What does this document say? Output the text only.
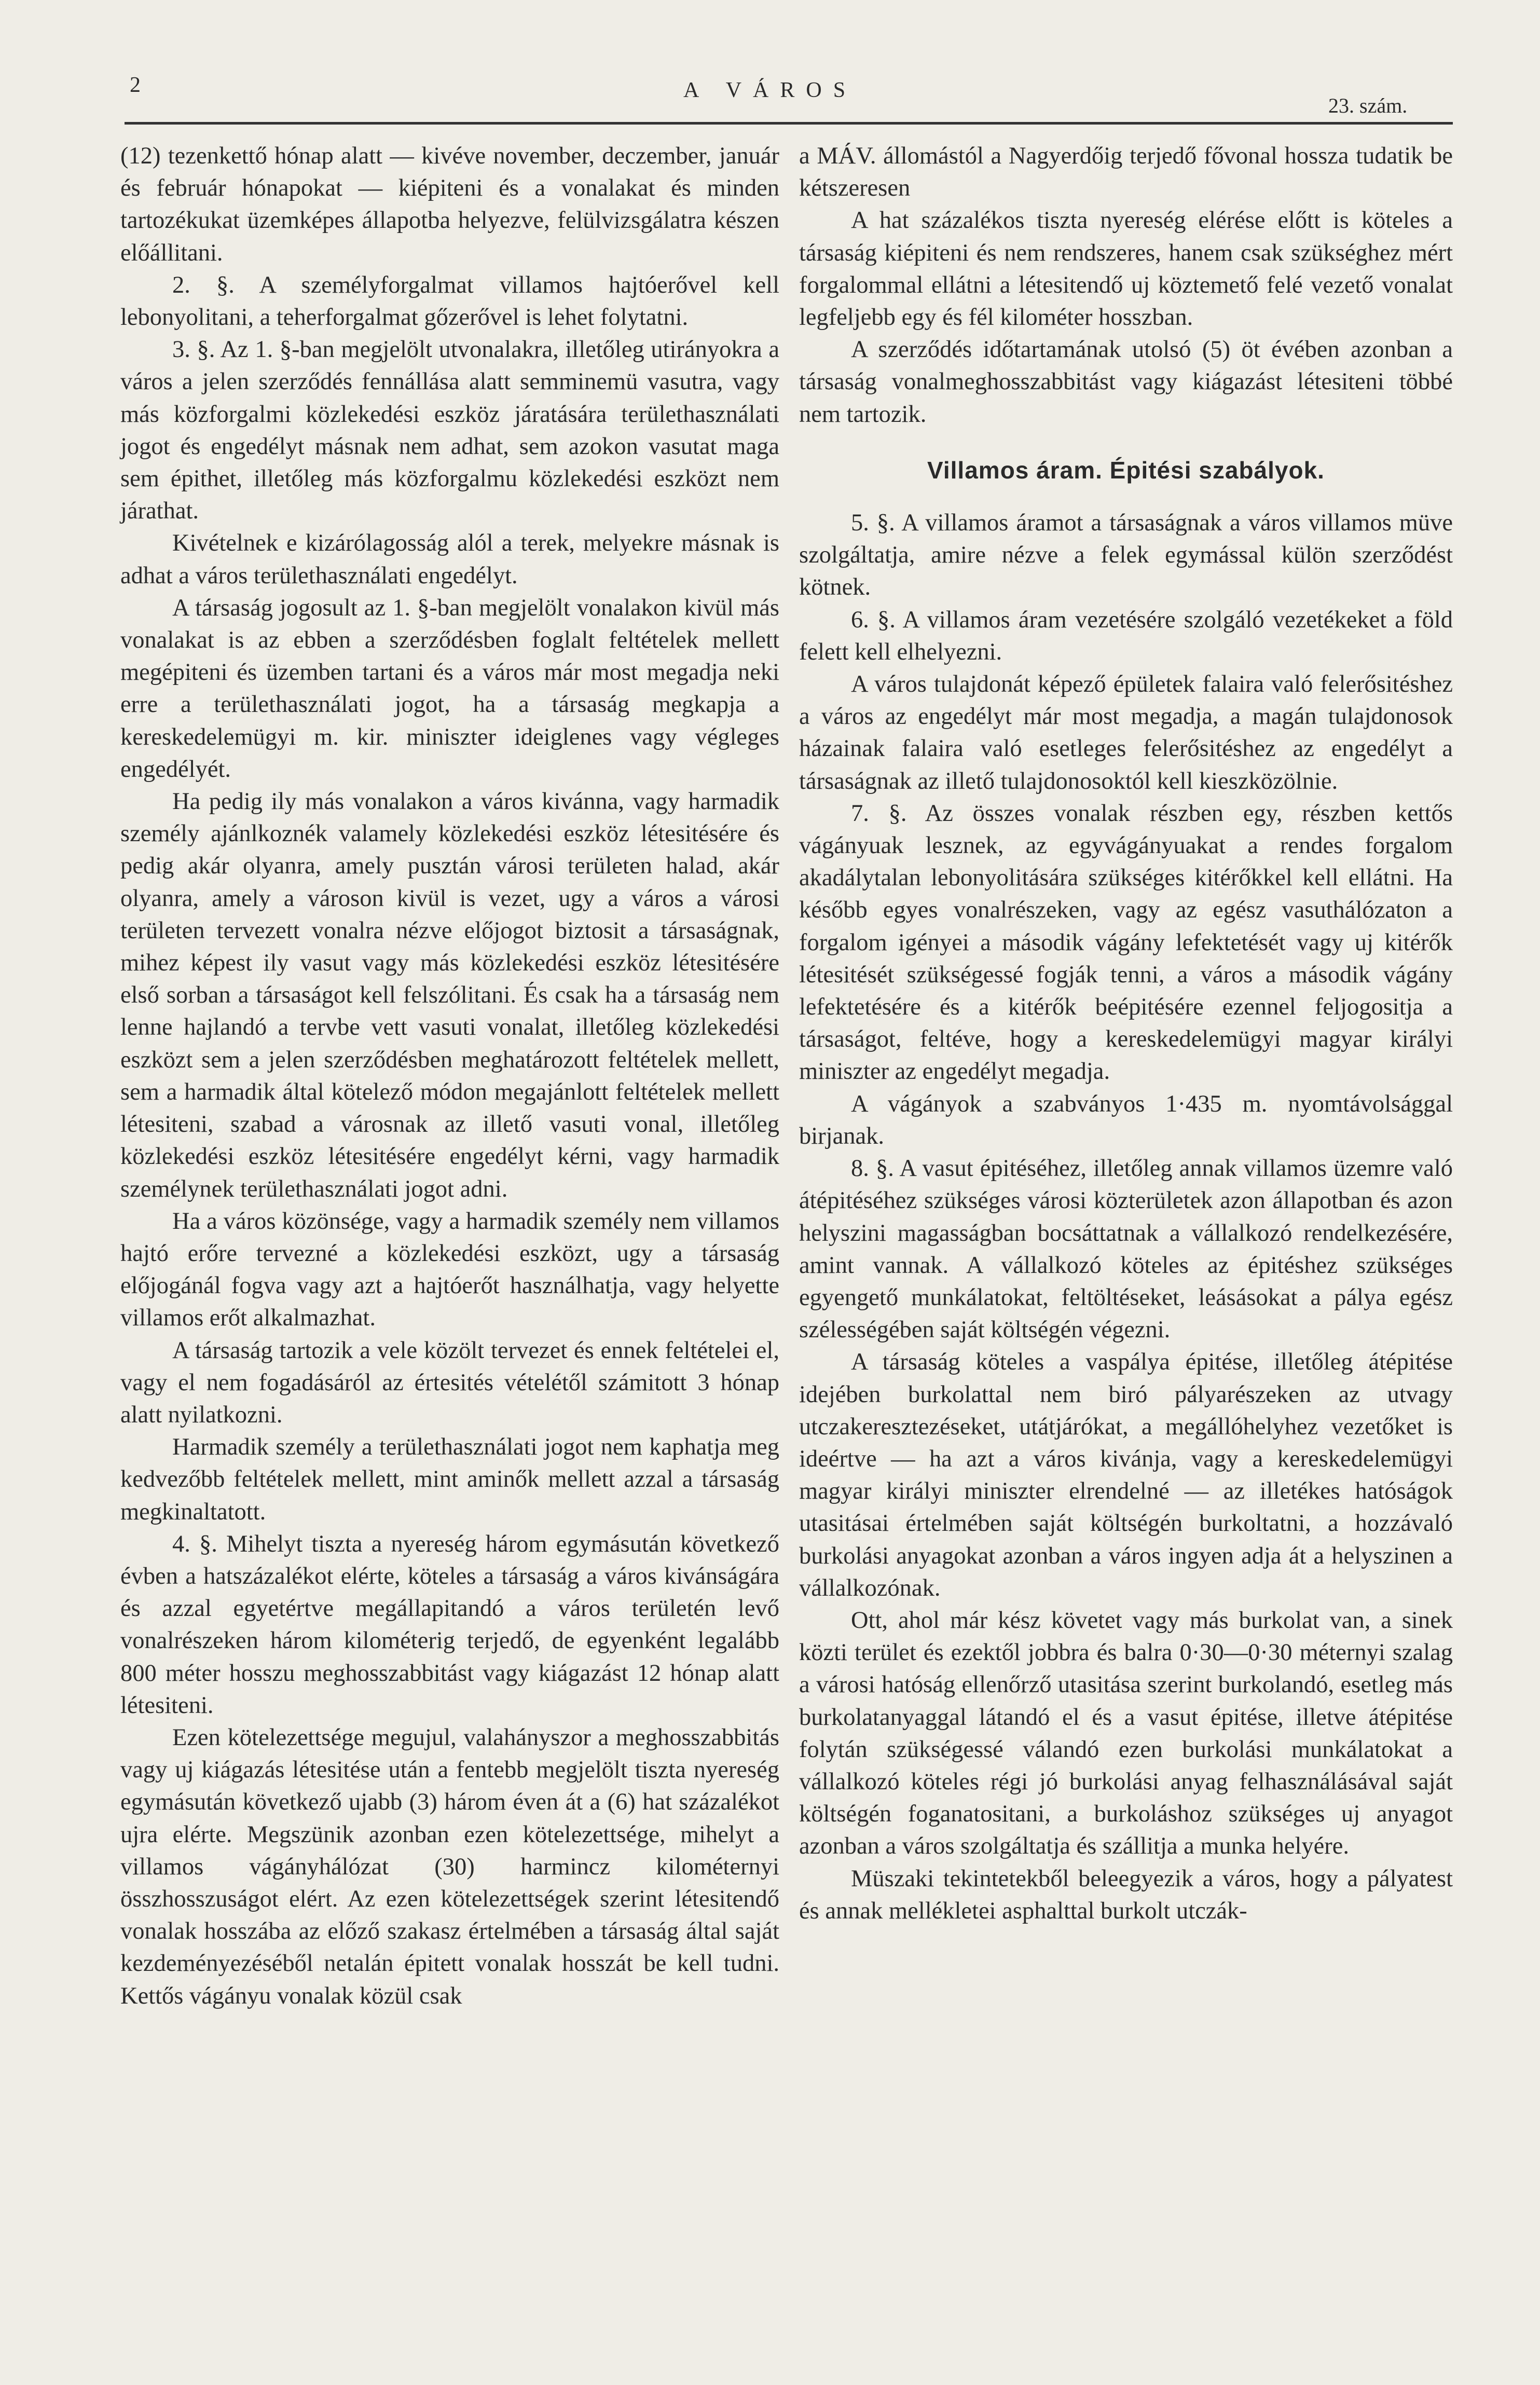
2	A VÁROS
23. szám.

(12) tezenkettő hónap alatt — kivéve november, deczember, január és február hónapokat — kiépiteni és a vonalakat és minden tartozékukat üzemképes állapotba helyezve, felülvizsgálatra készen előállitani.

2. §. A személyforgalmat villamos hajtóerővel kell lebonyolitani, a teherforgalmat gőzerővel is lehet folytatni.

3. §. Az 1. §-ban megjelölt utvonalakra, illetőleg utirányokra a város a jelen szerződés fennállása alatt semminemü vasutra, vagy más közforgalmi közlekedési eszköz járatására területhasználati jogot és engedélyt másnak nem adhat, sem azokon vasutat maga sem épithet, illetőleg más közforgalmu közlekedési eszközt nem járathat.

Kivételnek e kizárólagosság alól a terek, melyekre másnak is adhat a város területhasználati engedélyt.

A társaság jogosult az 1. §-ban megjelölt vonalakon kivül más vonalakat is az ebben a szerződésben foglalt feltételek mellett megépiteni és üzemben tartani és a város már most megadja neki erre a területhasználati jogot, ha a társaság megkapja a kereskedelemügyi m. kir. miniszter ideiglenes vagy végleges engedélyét.

Ha pedig ily más vonalakon a város kivánna, vagy harmadik személy ajánlkoznék valamely közlekedési eszköz létesitésére és pedig akár olyanra, amely pusztán városi területen halad, akár olyanra, amely a városon kivül is vezet, ugy a város a városi területen tervezett vonalra nézve előjogot biztosit a társaságnak, mihez képest ily vasut vagy más közlekedési eszköz létesitésére első sorban a társaságot kell felszólitani. És csak ha a társaság nem lenne hajlandó a tervbe vett vasuti vonalat, illetőleg közlekedési eszközt sem a jelen szerződésben meghatározott feltételek mellett, sem a harmadik által kötelező módon megajánlott feltételek mellett létesiteni, szabad a városnak az illető vasuti vonal, illetőleg közlekedési eszköz létesitésére engedélyt kérni, vagy harmadik személynek területhasználati jogot adni.

Ha a város közönsége, vagy a harmadik személy nem villamos hajtó erőre tervezné a közlekedési eszközt, ugy a társaság előjogánál fogva vagy azt a hajtóerőt használhatja, vagy helyette villamos erőt alkalmazhat.

A társaság tartozik a vele közölt tervezet és ennek feltételei el, vagy el nem fogadásáról az értesités vételétől számitott 3 hónap alatt nyilatkozni.

Harmadik személy a területhasználati jogot nem kaphatja meg kedvezőbb feltételek mellett, mint aminők mellett azzal a társaság megkinaltatott.

4. §. Mihelyt tiszta a nyereség három egymásután következő évben a hatszázalékot elérte, köteles a társaság a város kivánságára és azzal egyetértve megállapitandó a város területén levő vonalrészeken három kilométerig terjedő, de egyenként legalább 800 méter hosszu meghosszabbitást vagy kiágazást 12 hónap alatt létesiteni.

Ezen kötelezettsége megujul, valahányszor a meghosszabbitás vagy uj kiágazás létesitése után a fentebb megjelölt tiszta nyereség egymásután következő ujabb (3) három éven át a (6) hat százalékot ujra elérte. Megszünik azonban ezen kötelezettsége, mihelyt a villamos vágányhálózat (30) harmincz kilométernyi összhosszuságot elért. Az ezen kötelezettségek szerint létesitendő vonalak hosszába az előző szakasz értelmében a társaság által saját kezdeményezéséből netalán épitett vonalak hosszát be kell tudni. Kettős vágányu vonalak közül csak

a MÁV. állomástól a Nagyerdőig terjedő fővonal hossza tudatik be kétszeresen

A hat százalékos tiszta nyereség elérése előtt is köteles a társaság kiépiteni és nem rendszeres, hanem csak szükséghez mért forgalommal ellátni a létesitendő uj köztemető felé vezető vonalat legfeljebb egy és fél kilométer hosszban.

A szerződés időtartamának utolsó (5) öt évében azonban a társaság vonalmeghosszabbitást vagy kiágazást létesiteni többé nem tartozik.

Villamos áram. Épitési szabályok.

5. §. A villamos áramot a társaságnak a város villamos müve szolgáltatja, amire nézve a felek egymással külön szerződést kötnek.

6. §. A villamos áram vezetésére szolgáló vezetékeket a föld felett kell elhelyezni.

A város tulajdonát képező épületek falaira való felerősitéshez a város az engedélyt már most megadja, a magán tulajdonosok házainak falaira való esetleges felerősitéshez az engedélyt a társaságnak az illető tulajdonosoktól kell kieszközölnie.

7. §. Az összes vonalak részben egy, részben kettős vágányuak lesznek, az egyvágányuakat a rendes forgalom akadálytalan lebonyolitására szükséges kitérőkkel kell ellátni. Ha később egyes vonalrészeken, vagy az egész vasuthálózaton a forgalom igényei a második vágány lefektetését vagy uj kitérők létesitését szükségessé fogják tenni, a város a második vágány lefektetésére és a kitérők beépitésére ezennel feljogositja a társaságot, feltéve, hogy a kereskedelemügyi magyar királyi miniszter az engedélyt megadja.

A vágányok a szabványos 1·435 m. nyomtávolsággal birjanak.

8. §. A vasut épitéséhez, illetőleg annak villamos üzemre való átépitéséhez szükséges városi közterületek azon állapotban és azon helyszini magasságban bocsáttatnak a vállalkozó rendelkezésére, amint vannak. A vállalkozó köteles az épitéshez szükséges egyengető munkálatokat, feltöltéseket, leásásokat a pálya egész szélességében saját költségén végezni.

A társaság köteles a vaspálya épitése, illetőleg átépitése idejében burkolattal nem biró pályarészeken az utvagy utczakeresztezéseket, utátjárókat, a megállóhelyhez vezetőket is ideértve — ha azt a város kivánja, vagy a kereskedelemügyi magyar királyi miniszter elrendelné — az illetékes hatóságok utasitásai értelmében saját költségén burkoltatni, a hozzávaló burkolási anyagokat azonban a város ingyen adja át a helyszinen a vállalkozónak.

Ott, ahol már kész követet vagy más burkolat van, a sinek közti terület és ezektől jobbra és balra 0·30—0·30 méternyi szalag a városi hatóság ellenőrző utasitása szerint burkolandó, esetleg más burkolatanyaggal látandó el és a vasut épitése, illetve átépitése folytán szükségessé válandó ezen burkolási munkálatokat a vállalkozó köteles régi jó burkolási anyag felhasználásával saját költségén foganatositani, a burkoláshoz szükséges uj anyagot azonban a város szolgáltatja és szállitja a munka helyére.

Müszaki tekintetekből beleegyezik a város, hogy a pályatest és annak mellékletei asphalttal burkolt utczák-
